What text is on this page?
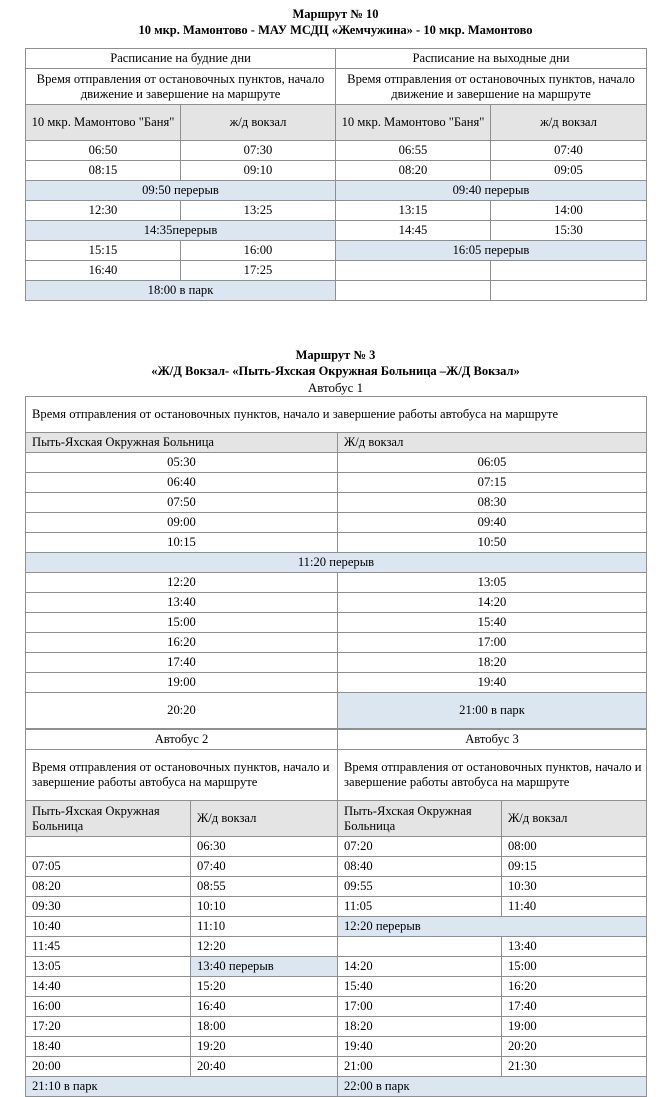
Маршрут № 10
10 мкр. Мамонтово - МАУ МСДЦ «Жемчужина» - 10 мкр. Мамонтово
Расписание на будние дни		Расписание на выходные дни	
Время отправления от остановочных пунктов, начало движение и завершение на маршруте		Время отправления от остановочных пунктов, начало движение и завершение на маршруте	
10 мкр. Мамонтово "Баня"	ж/д вокзал	10 мкр. Мамонтово "Баня"	ж/д вокзал
06:50	07:30	06:55	07:40
08:15	09:10	08:20	09:05
09:50 перерыв		09:40 перерыв	
12:30	13:25	13:15	14:00
14:35перерыв		14:45	15:30
15:15	16:00	16:05 перерыв	
16:40	17:25		
18:00 в парк			
Маршрут № 3
«Ж/Д Вокзал- «Пыть-Яхская Окружная Больница –Ж/Д Вокзал»
Автобус 1
Время отправления от остановочных пунктов, начало и завершение работы автобуса на маршруте	
Пыть-Яхская Окружная Больница	Ж/д вокзал
05:30	06:05
06:40	07:15
07:50	08:30
09:00	09:40
10:15	10:50
11:20 перерыв	
12:20	13:05
13:40	14:20
15:00	15:40
16:20	17:00
17:40	18:20
19:00	19:40
20:20	21:00 в парк
Автобус 2		Автобус 3	
Время отправления от остановочных пунктов, начало и завершение работы автобуса на маршруте		Время отправления от остановочных пунктов, начало и завершение работы автобуса на маршруте	
Пыть-Яхская Окружная Больница	Ж/д вокзал	Пыть-Яхская Окружная Больница	Ж/д вокзал
	06:30	07:20	08:00
07:05	07:40	08:40	09:15
08:20	08:55	09:55	10:30
09:30	10:10	11:05	11:40
10:40	11:10	12:20 перерыв	
11:45	12:20		13:40
13:05	13:40 перерыв	14:20	15:00
14:40	15:20	15:40	16:20
16:00	16:40	17:00	17:40
17:20	18:00	18:20	19:00
18:40	19:20	19:40	20:20
20:00	20:40	21:00	21:30
21:10 в парк		22:00 в парк	
